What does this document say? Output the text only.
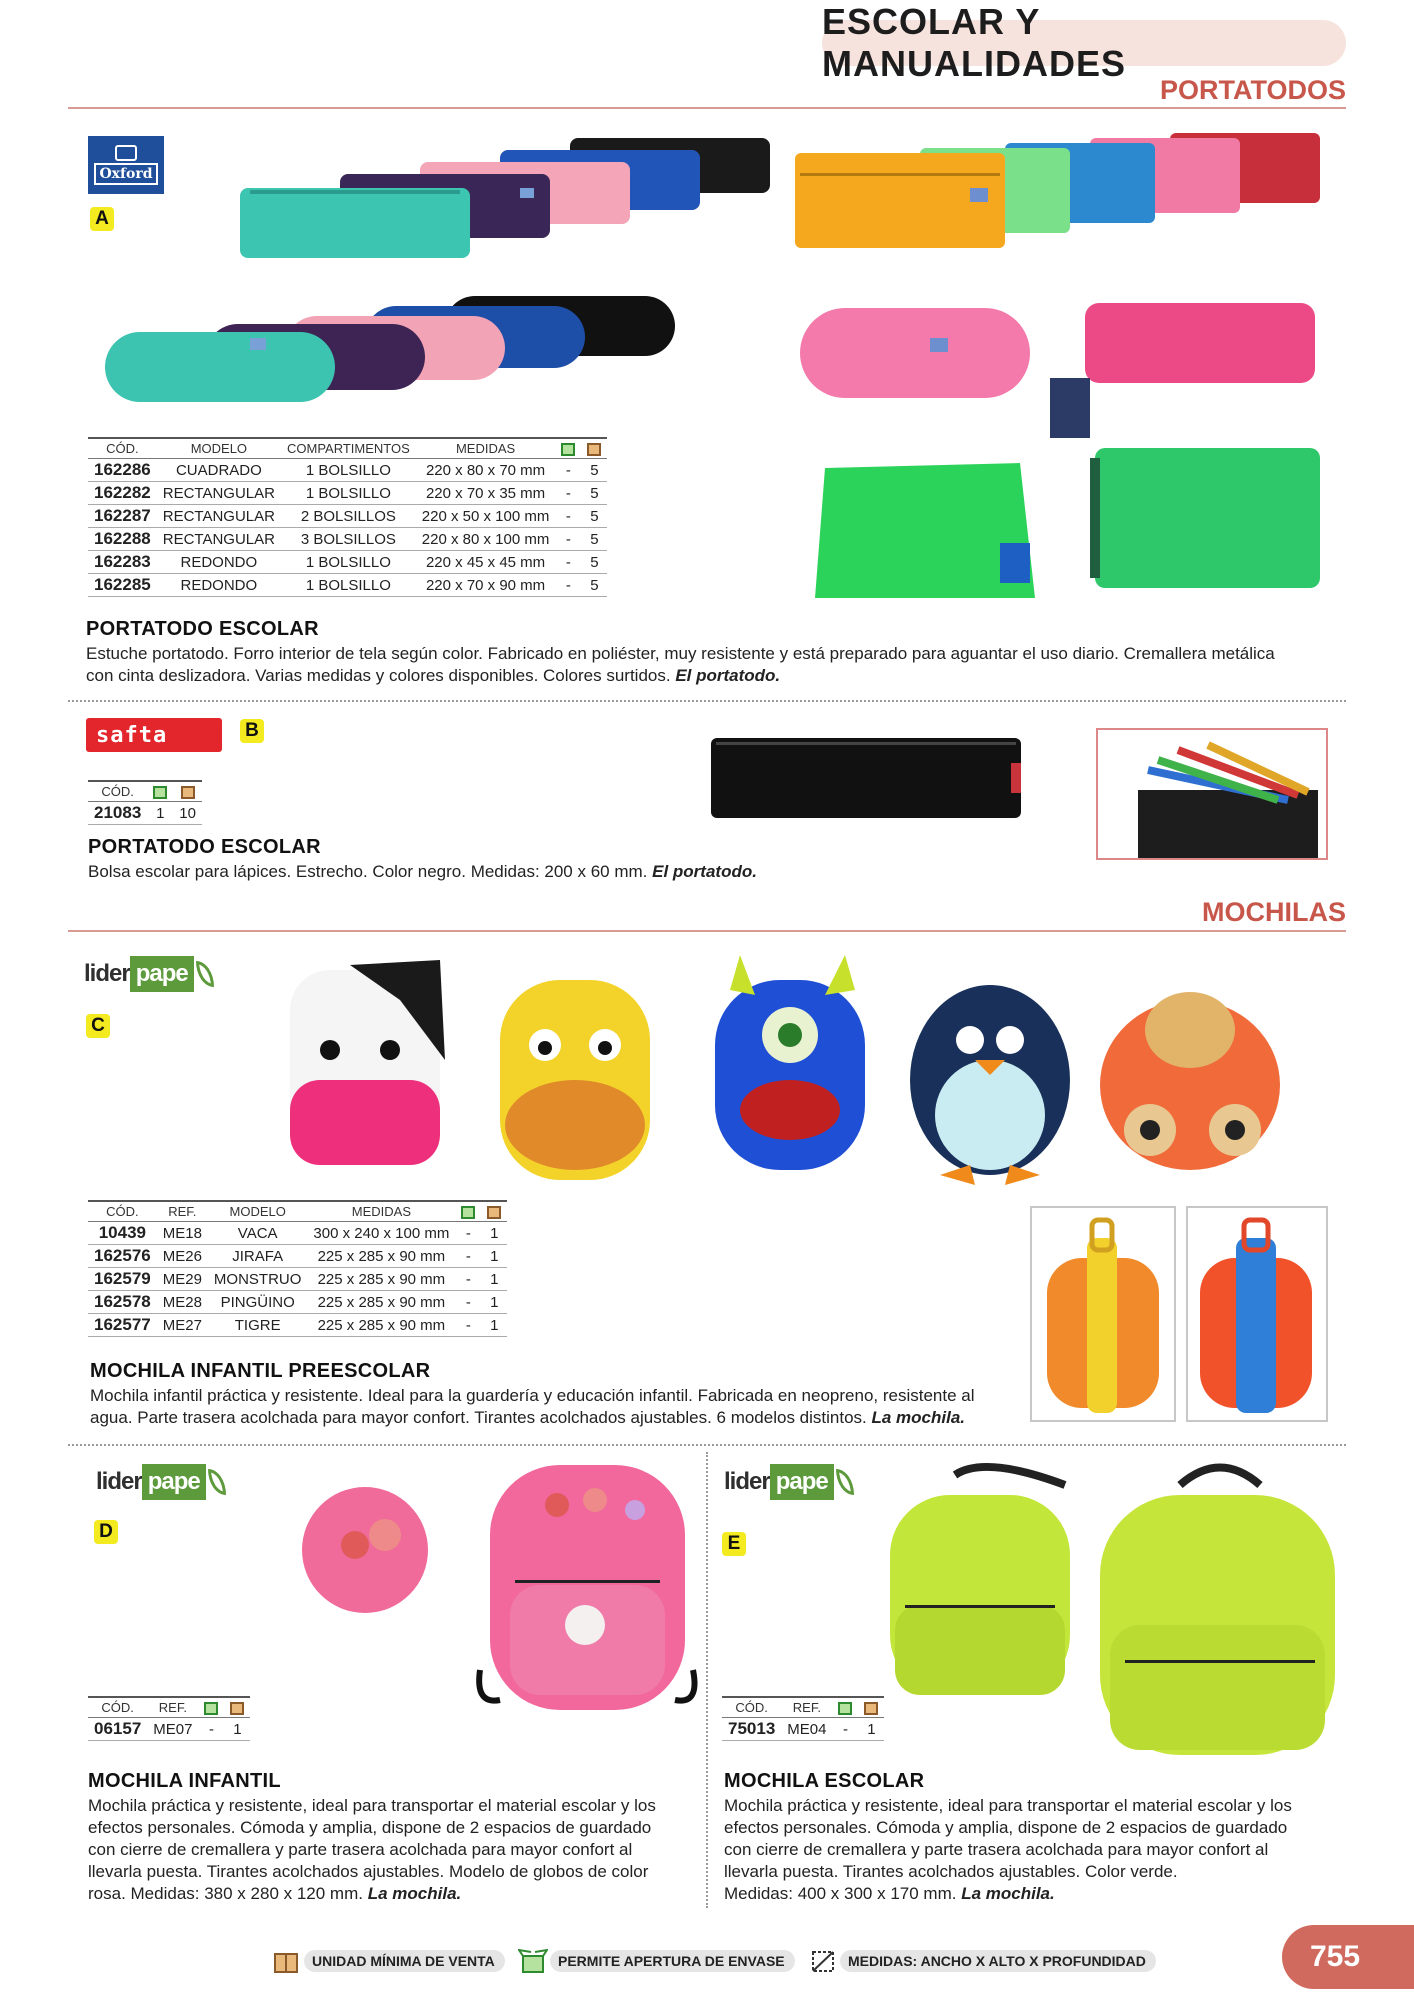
ESCOLAR Y MANUALIDADES
PORTATODOS
Oxford
A
CÓD.	MODELO	COMPARTIMENTOS	MEDIDAS		
162286	CUADRADO	1 BOLSILLO	220 x 80 x 70 mm	-	5
162282	RECTANGULAR	1 BOLSILLO	220 x 70 x 35 mm	-	5
162287	RECTANGULAR	2 BOLSILLOS	220 x 50 x 100 mm	-	5
162288	RECTANGULAR	3 BOLSILLOS	220 x 80 x 100 mm	-	5
162283	REDONDO	1 BOLSILLO	220 x 45 x 45 mm	-	5
162285	REDONDO	1 BOLSILLO	220 x 70 x 90 mm	-	5
PORTATODO ESCOLAR
Estuche portatodo. Forro interior de tela según color. Fabricado en poliéster, muy resistente y está preparado para aguantar el uso diario. Cremallera metálica
con cinta deslizadora. Varias medidas y colores disponibles. Colores surtidos. El portatodo.
safta	B
CÓD.		
21083	1	10
PORTATODO ESCOLAR
Bolsa escolar para lápices. Estrecho. Color negro. Medidas: 200 x 60 mm. El portatodo.
MOCHILAS
lider pape
C
CÓD.	REF.	MODELO	MEDIDAS		
10439	ME18	VACA	300 x 240 x 100 mm	-	1
162576	ME26	JIRAFA	225 x 285 x 90 mm	-	1
162579	ME29	MONSTRUO	225 x 285 x 90 mm	-	1
162578	ME28	PINGÜINO	225 x 285 x 90 mm	-	1
162577	ME27	TIGRE	225 x 285 x 90 mm	-	1
MOCHILA INFANTIL PREESCOLAR
Mochila infantil práctica y resistente. Ideal para la guardería y educación infantil. Fabricada en neopreno, resistente al
agua. Parte trasera acolchada para mayor confort. Tirantes acolchados ajustables. 6 modelos distintos. La mochila.
lider pape
D
CÓD.	REF.		
06157	ME07	-	1
MOCHILA INFANTIL
Mochila práctica y resistente, ideal para transportar el material escolar y los
efectos personales. Cómoda y amplia, dispone de 2 espacios de guardado
con cierre de cremallera y parte trasera acolchada para mayor confort al
llevarla puesta. Tirantes acolchados ajustables. Modelo de globos de color
rosa. Medidas: 380 x 280 x 120 mm. La mochila.
lider pape
E
CÓD.	REF.		
75013	ME04	-	1
MOCHILA ESCOLAR
Mochila práctica y resistente, ideal para transportar el material escolar y los
efectos personales. Cómoda y amplia, dispone de 2 espacios de guardado
con cierre de cremallera y parte trasera acolchada para mayor confort al
llevarla puesta. Tirantes acolchados ajustables. Color verde.
Medidas: 400 x 300 x 170 mm. La mochila.
UNIDAD MÍNIMA DE VENTA	PERMITE APERTURA DE ENVASE	MEDIDAS: ANCHO X ALTO X PROFUNDIDAD	755
